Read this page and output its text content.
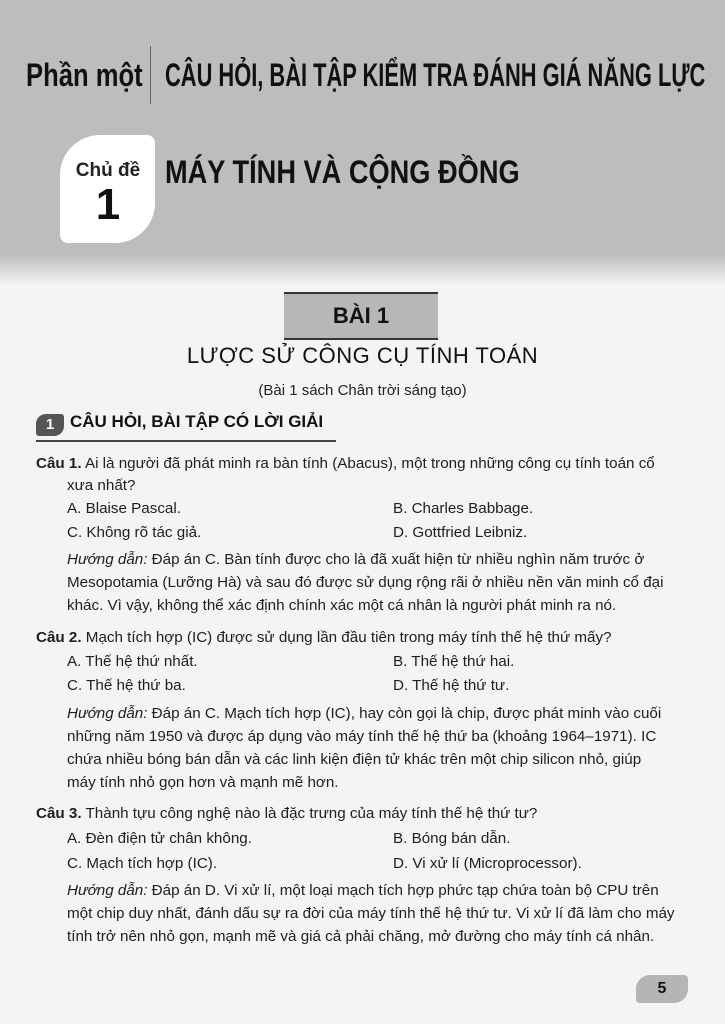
Phần một CÂU HỎI, BÀI TẬP KIỂM TRA ĐÁNH GIÁ NĂNG LỰC
Chủ đề
1
MÁY TÍNH VÀ CỘNG ĐỒNG
BÀI 1
LƯỢC SỬ CÔNG CỤ TÍNH TOÁN
(Bài 1 sách Chân trời sáng tạo)
1 CÂU HỎI, BÀI TẬP CÓ LỜI GIẢI
Câu 1. Ai là người đã phát minh ra bàn tính (Abacus), một trong những công cụ tính toán cổ
xưa nhất?
A. Blaise Pascal.	B. Charles Babbage.
C. Không rõ tác giả.	D. Gottfried Leibniz.
Hướng dẫn: Đáp án C. Bàn tính được cho là đã xuất hiện từ nhiều nghìn năm trước ở
Mesopotamia (Lưỡng Hà) và sau đó được sử dụng rộng rãi ở nhiều nền văn minh cổ đại
khác. Vì vậy, không thể xác định chính xác một cá nhân là người phát minh ra nó.
Câu 2. Mạch tích hợp (IC) được sử dụng lần đầu tiên trong máy tính thế hệ thứ mấy?
A. Thế hệ thứ nhất.	B. Thế hệ thứ hai.
C. Thế hệ thứ ba.	D. Thế hệ thứ tư.
Hướng dẫn: Đáp án C. Mạch tích hợp (IC), hay còn gọi là chip, được phát minh vào cuối
những năm 1950 và được áp dụng vào máy tính thế hệ thứ ba (khoảng 1964–1971). IC
chứa nhiều bóng bán dẫn và các linh kiện điện tử khác trên một chip silicon nhỏ, giúp
máy tính nhỏ gọn hơn và mạnh mẽ hơn.
Câu 3. Thành tựu công nghệ nào là đặc trưng của máy tính thế hệ thứ tư?
A. Đèn điện tử chân không.	B. Bóng bán dẫn.
C. Mạch tích hợp (IC).	D. Vi xử lí (Microprocessor).
Hướng dẫn: Đáp án D. Vi xử lí, một loại mạch tích hợp phức tạp chứa toàn bộ CPU trên
một chip duy nhất, đánh dấu sự ra đời của máy tính thế hệ thứ tư. Vi xử lí đã làm cho máy
tính trở nên nhỏ gọn, mạnh mẽ và giá cả phải chăng, mở đường cho máy tính cá nhân.
5
